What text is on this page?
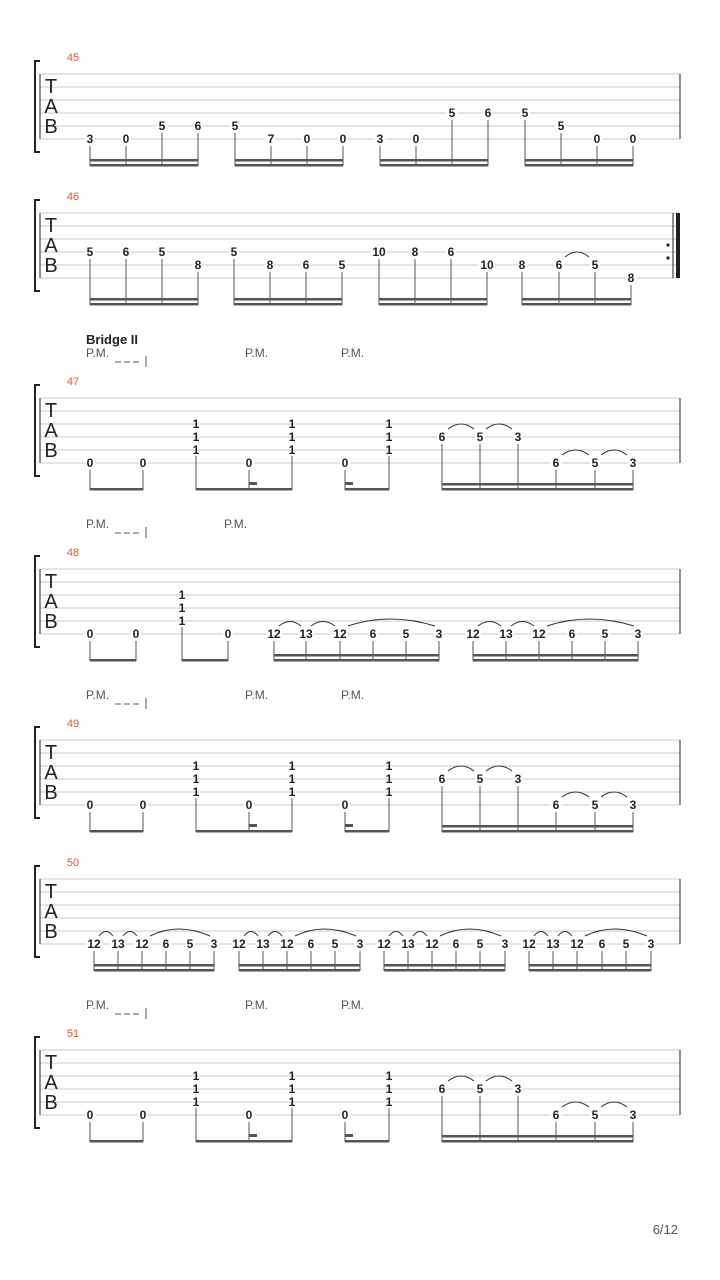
45
T
A
B
3 0
5 6	5
7 0 0	3 0
5 6	5
5
0 0
46
T
A
B
5 6 5
8
5
8 6 5
10 8 6
10 8	6 5
8
47
P.M.	P.M.	P.M.
Bridge II
T
A
B
0	0
1
1
1
0
1
1
1
0
1
1
1
6	5	3
6	5	3
48
P.M.	P.M.
T
A
B
0	0
1
1
1
0	12 13 12 6 5 3 12 13 12 6 5 3
49
P.M.	P.M.	P.M.
T
A
B
0	0
1
1
1
0
1
1
1
0
1
1
1
6	5	3
6	5	3
50
T
A
B
12 13 12 6 5 3 12 13 12 6 5 3 12 13 12 6 5 3 12 13 12 6 5 3
51
P.M.	P.M.	P.M.
T
A
B
0	0
1
1
1
0
1
1
1
0
1
1
1
6	5	3
6	5	3
6/12
